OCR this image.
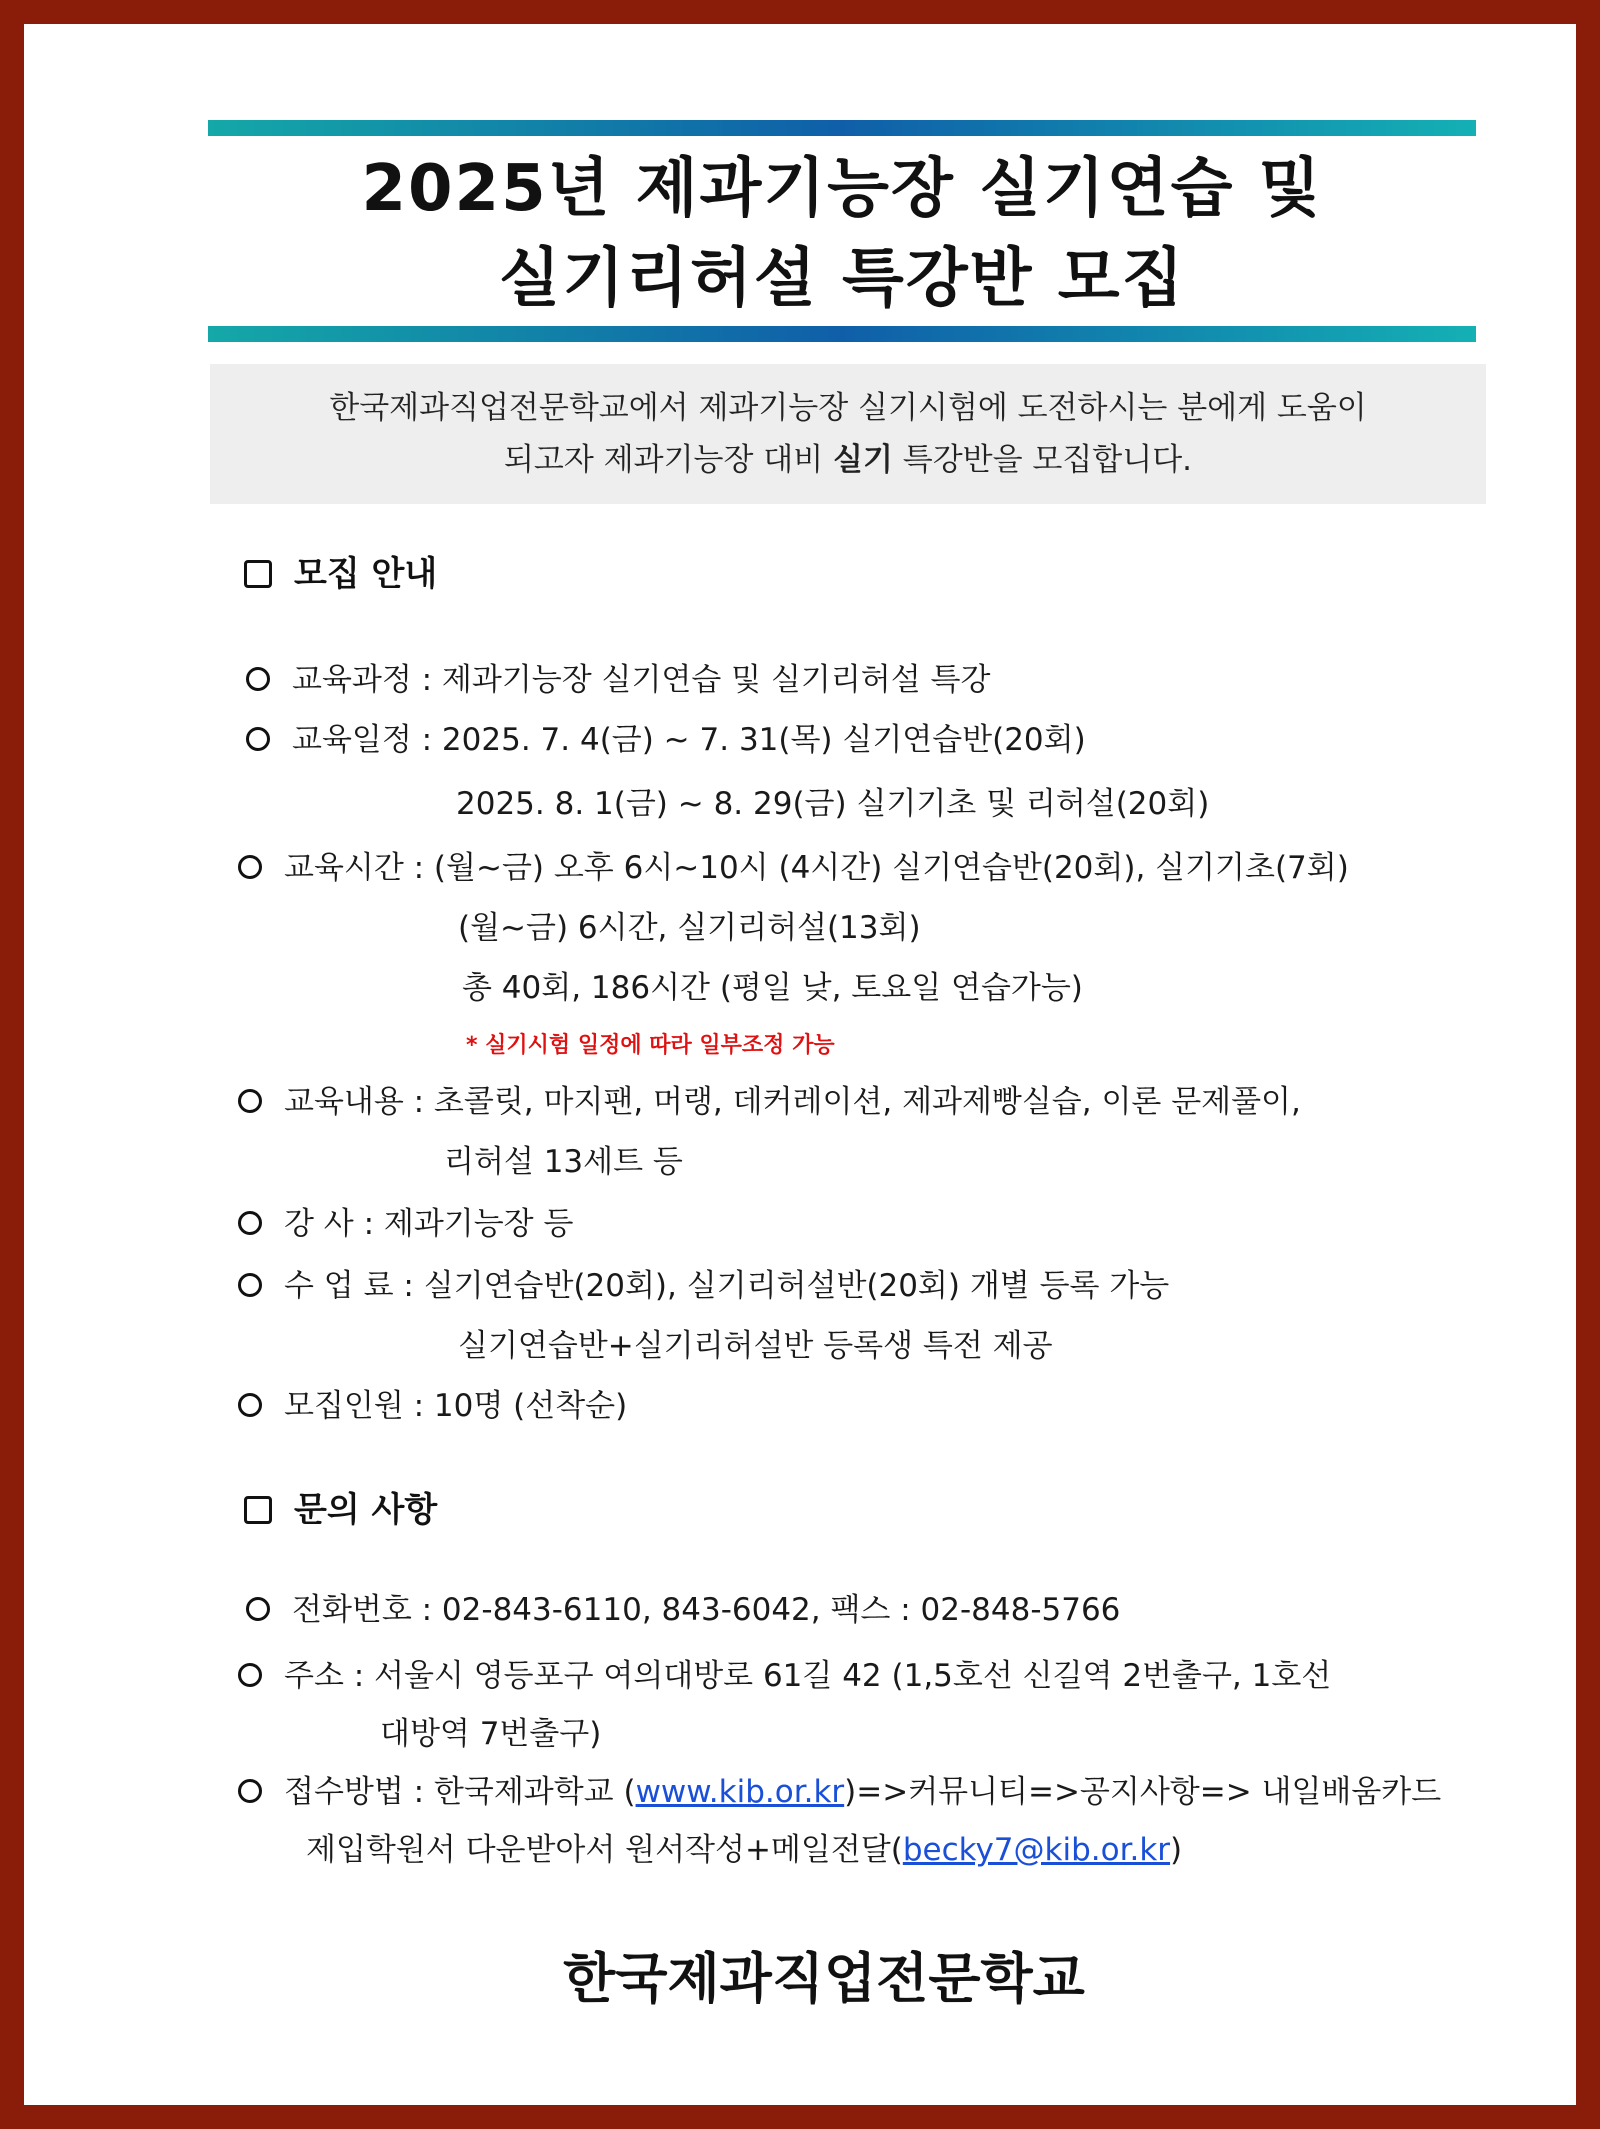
2025년 제과기능장 실기연습 및
실기리허설 특강반 모집
한국제과직업전문학교에서 제과기능장 실기시험에 도전하시는 분에게 도움이
되고자 제과기능장 대비 실기 특강반을 모집합니다.
모집 안내
교육과정 : 제과기능장 실기연습 및 실기리허설 특강
교육일정 : 2025. 7. 4(금) ~ 7. 31(목) 실기연습반(20회)
2025. 8. 1(금) ~ 8. 29(금) 실기기초 및 리허설(20회)
교육시간 : (월~금) 오후 6시~10시 (4시간) 실기연습반(20회), 실기기초(7회)
(월~금) 6시간, 실기리허설(13회)
총 40회, 186시간 (평일 낮, 토요일 연습가능)
* 실기시험 일정에 따라 일부조정 가능
교육내용 : 초콜릿, 마지팬, 머랭, 데커레이션, 제과제빵실습, 이론 문제풀이,
리허설 13세트 등
강 사 : 제과기능장 등
수 업 료 : 실기연습반(20회), 실기리허설반(20회) 개별 등록 가능
실기연습반+실기리허설반 등록생 특전 제공
모집인원 : 10명 (선착순)
문의 사항
전화번호 : 02-843-6110, 843-6042, 팩스 : 02-848-5766
주소 : 서울시 영등포구 여의대방로 61길 42 (1,5호선 신길역 2번출구, 1호선
대방역 7번출구)
접수방법 : 한국제과학교 (www.kib.or.kr)=>커뮤니티=>공지사항=> 내일배움카드
제입학원서 다운받아서 원서작성+메일전달(becky7@kib.or.kr)
한국제과직업전문학교
